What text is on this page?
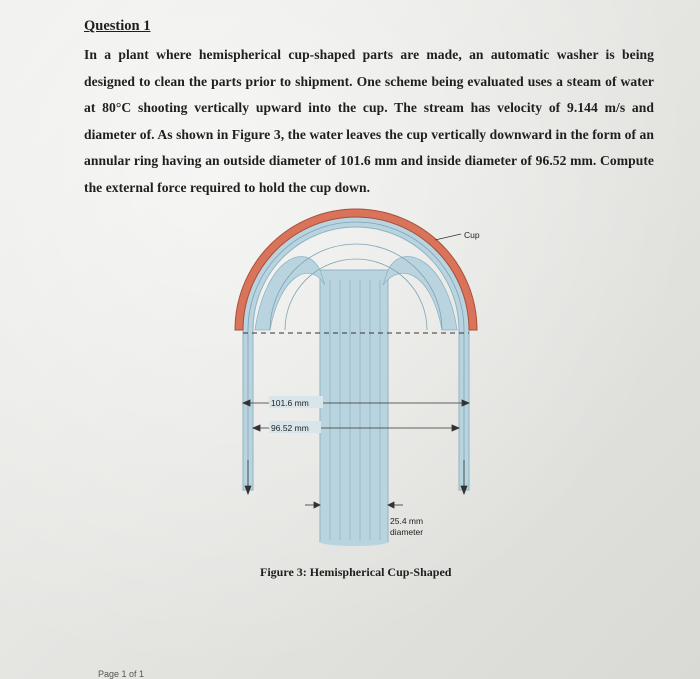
Question 1
In a plant where hemispherical cup-shaped parts are made, an automatic washer is being designed to clean the parts prior to shipment. One scheme being evaluated uses a steam of water at 80°C shooting vertically upward into the cup. The stream has velocity of 9.144 m/s and diameter of. As shown in Figure 3, the water leaves the cup vertically downward in the form of an annular ring having an outside diameter of 101.6 mm and inside diameter of 96.52 mm. Compute the external force required to hold the cup down.
Cup
101.6 mm
96.52 mm
25.4 mm
diameter
Figure 3: Hemispherical Cup-Shaped
Page 1 of 1
